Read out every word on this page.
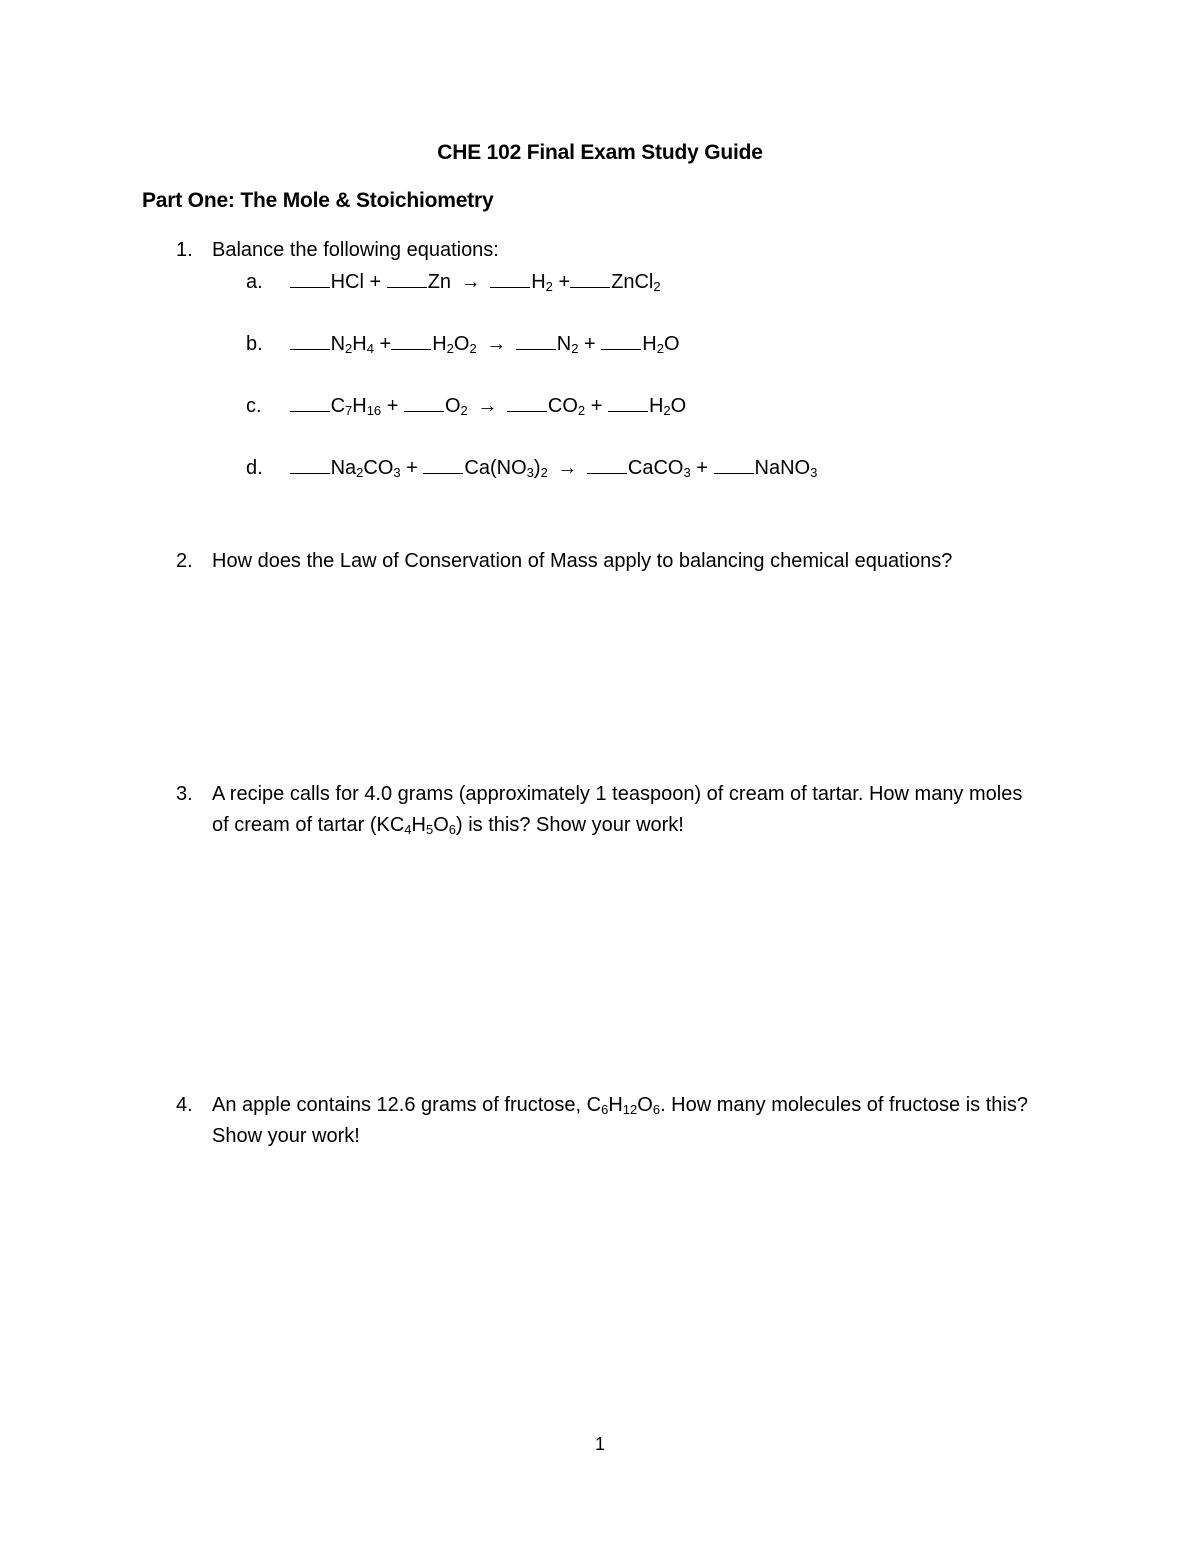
CHE 102 Final Exam Study Guide
Part One: The Mole & Stoichiometry
1. Balance the following equations:
a.	HCl + Zn →	$H_2$ + ZnCl$_2$
b.	$N_2H_4 + H_2O_2$ →	$N_2 + H_2O$
c.	$C_7H_{16} + O_2$ →	$CO_2 + H_2O$
d.	$Na_2CO_3 + Ca(NO_3)_2$ →	CaCO$_3$ + NaNO$_3$
2. How does the Law of Conservation of Mass apply to balancing chemical equations?
3. A recipe calls for 4.0 grams (approximately 1 teaspoon) of cream of tartar. How many moles of cream of tartar $(KC_4H_5O_6)$ is this? Show your work!
4. An apple contains 12.6 grams of fructose, $C_6H_{12}O_6$. How many molecules of fructose is this? Show your work!
1
